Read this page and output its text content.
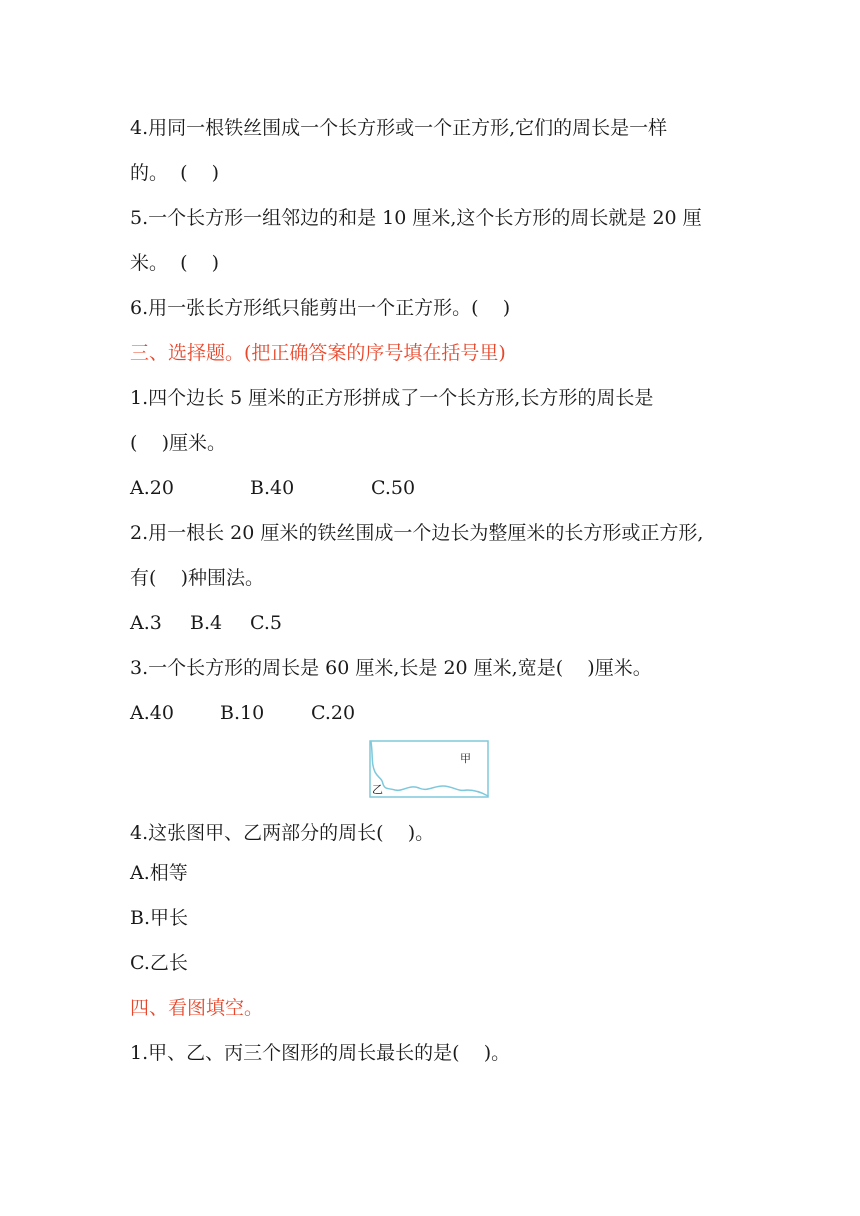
4.用同一根铁丝围成一个长方形或一个正方形,它们的周长是一样

的。  (    )

5.一个长方形一组邻边的和是 10 厘米,这个长方形的周长就是 20 厘

米。  (    )

6.用一张长方形纸只能剪出一个正方形。(    )

三、选择题。(把正确答案的序号填在括号里)

1.四个边长 5 厘米的正方形拼成了一个长方形,长方形的周长是

(    )厘米。

A.20	B.40	C.50

2.用一根长 20 厘米的铁丝围成一个边长为整厘米的长方形或正方形,

有(    )种围法。

A.3 B.4 C.5

3.一个长方形的周长是 60 厘米,长是 20 厘米,宽是(    )厘米。

A.40 B.10 C.20

甲
乙

4.这张图甲、乙两部分的周长(    )。

A.相等

B.甲长

C.乙长

四、看图填空。

1.甲、乙、丙三个图形的周长最长的是(    )。
